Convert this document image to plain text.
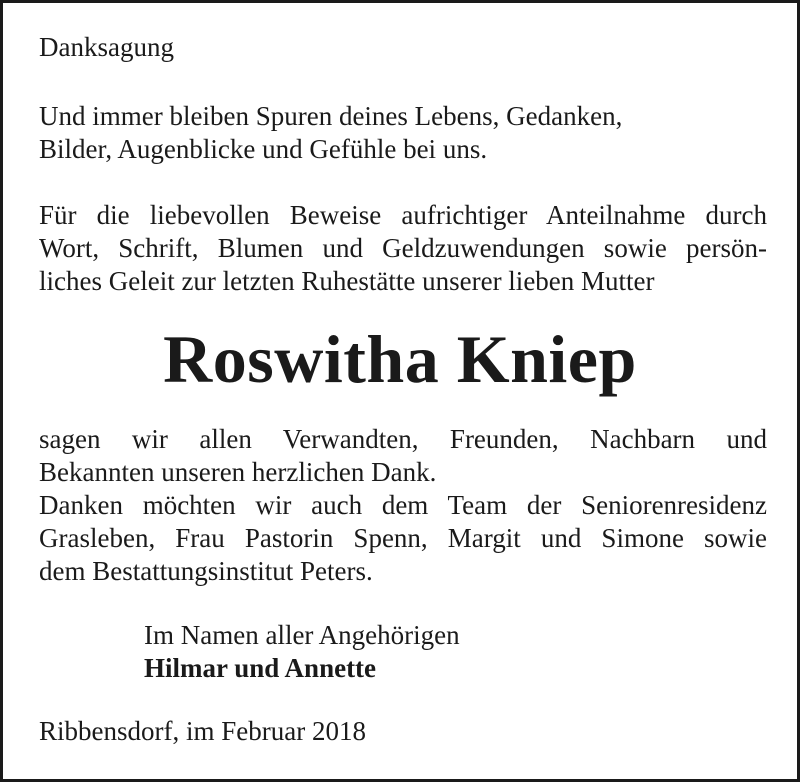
Danksagung

Und immer bleiben Spuren deines Lebens, Gedanken,
Bilder, Augenblicke und Gefühle bei uns.

Für die liebevollen Beweise aufrichtiger Anteilnahme durch
Wort, Schrift, Blumen und Geldzuwendungen sowie persön-
liches Geleit zur letzten Ruhestätte unserer lieben Mutter

Roswitha Kniep

sagen wir allen Verwandten, Freunden, Nachbarn und
Bekannten unseren herzlichen Dank.
Danken möchten wir auch dem Team der Seniorenresidenz
Grasleben, Frau Pastorin Spenn, Margit und Simone sowie
dem Bestattungsinstitut Peters.

Im Namen aller Angehörigen
Hilmar und Annette

Ribbensdorf, im Februar 2018
